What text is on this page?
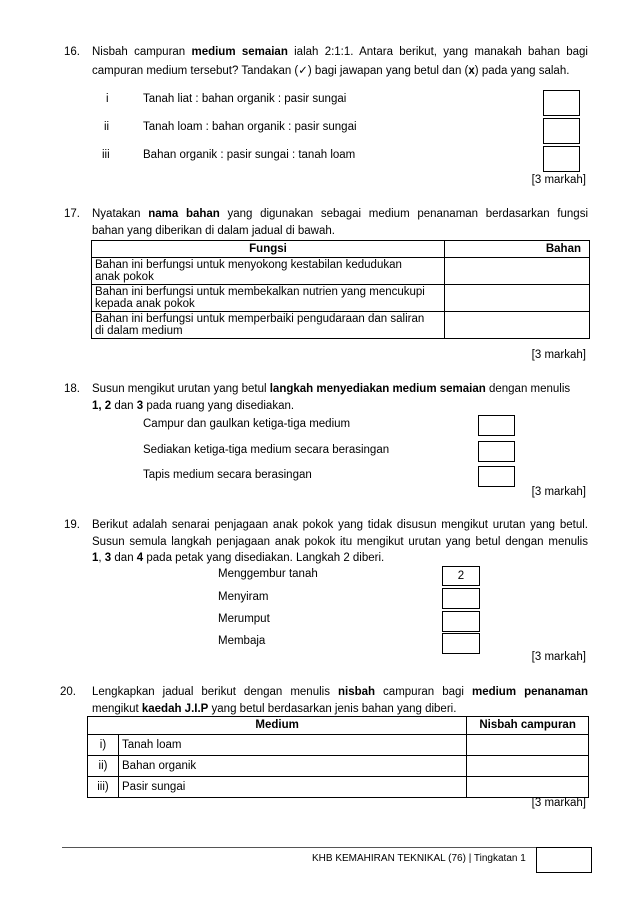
16. Nisbah campuran medium semaian ialah 2:1:1. Antara berikut, yang manakah bahan bagi
campuran medium tersebut? Tandakan (✓) bagi jawapan yang betul dan (x) pada yang salah.
i	Tanah liat : bahan organik : pasir sungai
ii	Tanah loam : bahan organik : pasir sungai
iii	Bahan organik : pasir sungai : tanah loam
[3 markah]
17. Nyatakan nama bahan yang digunakan sebagai medium penanaman berdasarkan fungsi
bahan yang diberikan di dalam jadual di bawah.
Fungsi	Bahan

Bahan ini berfungsi untuk menyokong kestabilan kedudukan
anak pokok	

Bahan ini berfungsi untuk membekalkan nutrien yang mencukupi
kepada anak pokok	

Bahan ini berfungsi untuk memperbaiki pengudaraan dan saliran
di dalam medium	

[3 markah]
18. Susun mengikut urutan yang betul langkah menyediakan medium semaian dengan menulis
1, 2 dan 3 pada ruang yang disediakan.
Campur dan gaulkan ketiga-tiga medium
Sediakan ketiga-tiga medium secara berasingan
Tapis medium secara berasingan
[3 markah]
19. Berikut adalah senarai penjagaan anak pokok yang tidak disusun mengikut urutan yang betul.
Susun semula langkah penjagaan anak pokok itu mengikut urutan yang betul dengan menulis
1, 3 dan 4 pada petak yang disediakan. Langkah 2 diberi.
Menggembur tanah	2
Menyiram
Merumput
Membaja
[3 markah]
20. Lengkapkan jadual berikut dengan menulis nisbah campuran bagi medium penanaman
mengikut kaedah J.I.P yang betul berdasarkan jenis bahan yang diberi.
Medium		Nisbah campuran
i)	Tanah loam	
ii)	Bahan organik	
iii)	Pasir sungai	
[3 markah]
KHB KEMAHIRAN TEKNIKAL (76) | Tingkatan 1
